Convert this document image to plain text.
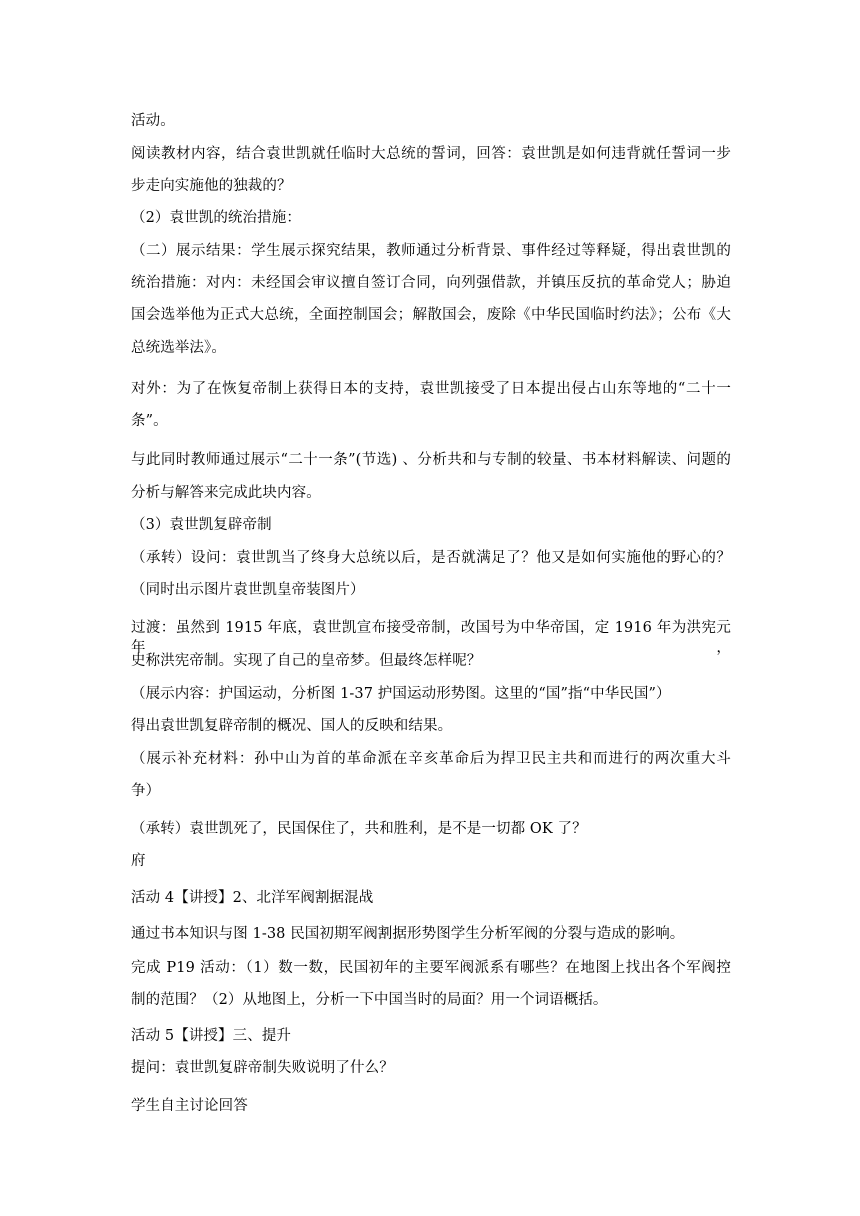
活动。
阅读教材内容，结合袁世凯就任临时大总统的誓词，回答：袁世凯是如何违背就任誓词一步
步走向实施他的独裁的？
（2）袁世凯的统治措施：
（二）展示结果：学生展示探究结果，教师通过分析背景、事件经过等释疑，得出袁世凯的
统治措施：对内：未经国会审议擅自签订合同，向列强借款，并镇压反抗的革命党人；胁迫
国会选举他为正式大总统，全面控制国会；解散国会，废除《中华民国临时约法》；公布《大
总统选举法》。
对外：为了在恢复帝制上获得日本的支持，袁世凯接受了日本提出侵占山东等地的“二十一
条”。
与此同时教师通过展示“二十一条”(节选) 、分析共和与专制的较量、书本材料解读、问题的
分析与解答来完成此块内容。
（3）袁世凯复辟帝制
（承转）设问：袁世凯当了终身大总统以后，是否就满足了？他又是如何实施他的野心的？
（同时出示图片袁世凯皇帝装图片）
过渡：虽然到 1915 年底，袁世凯宣布接受帝制，改国号为中华帝国，定 1916 年为洪宪元年，
史称洪宪帝制。实现了自己的皇帝梦。但最终怎样呢？
（展示内容：护国运动，分析图 1-37 护国运动形势图。这里的“国”指“中华民国”）
得出袁世凯复辟帝制的概况、国人的反映和结果。
（展示补充材料：孙中山为首的革命派在辛亥革命后为捍卫民主共和而进行的两次重大斗
争）
（承转）袁世凯死了，民国保住了，共和胜利，是不是一切都 OK 了？
府
活动 4【讲授】2、北洋军阀割据混战
通过书本知识与图 1-38 民国初期军阀割据形势图学生分析军阀的分裂与造成的影响。
完成 P19 活动：（1）数一数，民国初年的主要军阀派系有哪些？在地图上找出各个军阀控
制的范围？（2）从地图上，分析一下中国当时的局面？用一个词语概括。
活动 5【讲授】三、提升
提问：袁世凯复辟帝制失败说明了什么？
学生自主讨论回答
